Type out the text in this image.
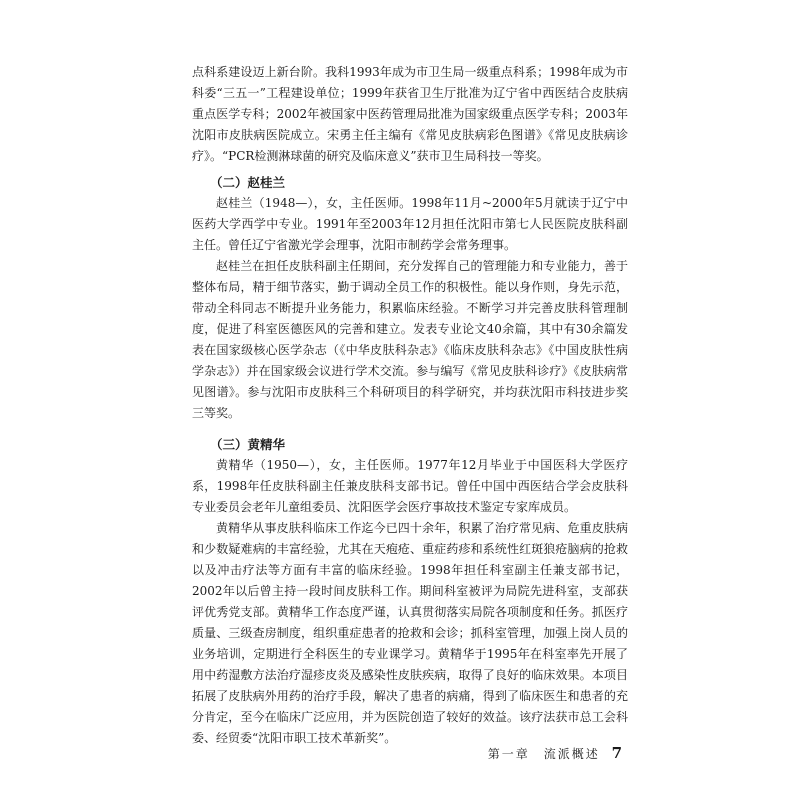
点科系建设迈上新台阶。我科1993年成为市卫生局一级重点科系；1998年成为市科委“三五一”工程建设单位；1999年获省卫生厅批准为辽宁省中西医结合皮肤病重点医学专科；2002年被国家中医药管理局批准为国家级重点医学专科；2003年沈阳市皮肤病医院成立。宋勇主任主编有《常见皮肤病彩色图谱》《常见皮肤病诊疗》。“PCR检测淋球菌的研究及临床意义”获市卫生局科技一等奖。

（二）赵桂兰

赵桂兰（1948—），女，主任医师。1998年11月~2000年5月就读于辽宁中医药大学西学中专业。1991年至2003年12月担任沈阳市第七人民医院皮肤科副主任。曾任辽宁省激光学会理事，沈阳市制药学会常务理事。

赵桂兰在担任皮肤科副主任期间，充分发挥自己的管理能力和专业能力，善于整体布局，精于细节落实，勤于调动全员工作的积极性。能以身作则，身先示范，带动全科同志不断提升业务能力，积累临床经验。不断学习并完善皮肤科管理制度，促进了科室医德医风的完善和建立。发表专业论文40余篇，其中有30余篇发表在国家级核心医学杂志（《中华皮肤科杂志》《临床皮肤科杂志》《中国皮肤性病学杂志》）并在国家级会议进行学术交流。参与编写《常见皮肤科诊疗》《皮肤病常见图谱》。参与沈阳市皮肤科三个科研项目的科学研究，并均获沈阳市科技进步奖三等奖。

（三）黄精华

黄精华（1950—），女，主任医师。1977年12月毕业于中国医科大学医疗系，1998年任皮肤科副主任兼皮肤科支部书记。曾任中国中西医结合学会皮肤科专业委员会老年儿童组委员、沈阳医学会医疗事故技术鉴定专家库成员。

黄精华从事皮肤科临床工作迄今已四十余年，积累了治疗常见病、危重皮肤病和少数疑难病的丰富经验，尤其在天疱疮、重症药疹和系统性红斑狼疮脑病的抢救以及冲击疗法等方面有丰富的临床经验。1998年担任科室副主任兼支部书记，2002年以后曾主持一段时间皮肤科工作。期间科室被评为局院先进科室，支部获评优秀党支部。黄精华工作态度严谨，认真贯彻落实局院各项制度和任务。抓医疗质量、三级查房制度，组织重症患者的抢救和会诊；抓科室管理，加强上岗人员的业务培训，定期进行全科医生的专业课学习。黄精华于1995年在科室率先开展了用中药湿敷方法治疗湿疹皮炎及感染性皮肤疾病，取得了良好的临床效果。本项目拓展了皮肤病外用药的治疗手段，解决了患者的病痛，得到了临床医生和患者的充分肯定，至今在临床广泛应用，并为医院创造了较好的效益。该疗法获市总工会科委、经贸委“沈阳市职工技术革新奖”。

第一章　流派概述 7
